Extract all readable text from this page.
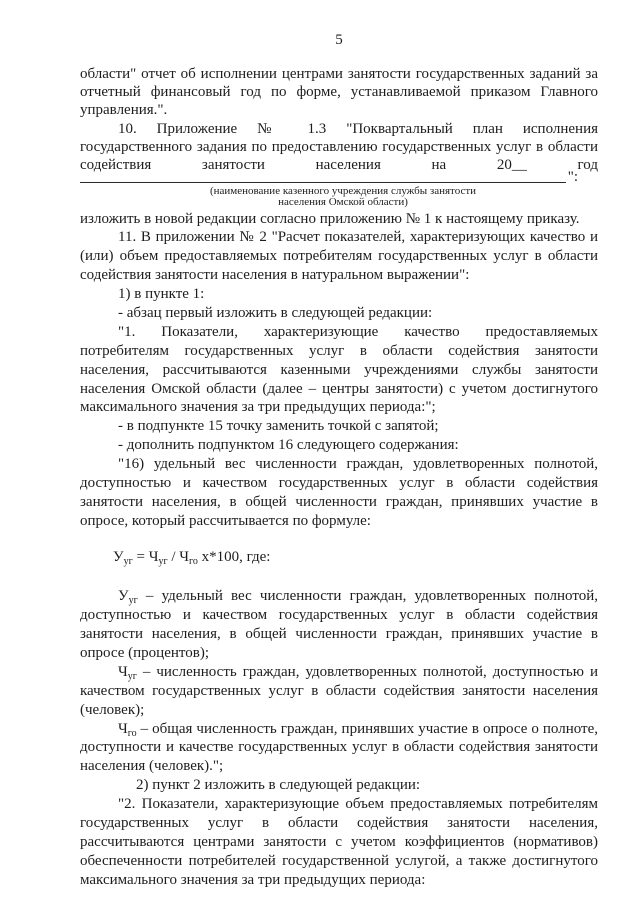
5
области" отчет об исполнении центрами занятости государственных заданий за
отчетный финансовый год по форме, устанавливаемой приказом Главного
управления.".
10. Приложение № 1.3 "Поквартальный план исполнения
государственного задания по предоставлению государственных услуг в области
содействия занятости населения на 20__ год
":
(наименование казенного учреждения службы занятости
населения Омской области)
изложить в новой редакции согласно приложению № 1 к настоящему приказу.
11. В приложении № 2 "Расчет показателей, характеризующих качество и
(или) объем предоставляемых потребителям государственных услуг в области
содействия занятости населения в натуральном выражении":
1) в пункте 1:
- абзац первый изложить в следующей редакции:
"1. Показатели, характеризующие качество предоставляемых
потребителям государственных услуг в области содействия занятости
населения, рассчитываются казенными учреждениями службы занятости
населения Омской области (далее – центры занятости) с учетом достигнутого
максимального значения за три предыдущих периода:";
- в подпункте 15 точку заменить точкой с запятой;
- дополнить подпунктом 16 следующего содержания:
"16) удельный вес численности граждан, удовлетворенных полнотой,
доступностью и качеством государственных услуг в области содействия
занятости населения, в общей численности граждан, принявших участие в
опросе, который рассчитывается по формуле:
$У_{уг} = Ч_{уг} / Ч_{го}$ х*100, где:
$У_{уг}$ – удельный вес численности граждан, удовлетворенных полнотой,
доступностью и качеством государственных услуг в области содействия
занятости населения, в общей численности граждан, принявших участие в
опросе (процентов);
$Ч_{уг}$ – численность граждан, удовлетворенных полнотой, доступностью и
качеством государственных услуг в области содействия занятости населения
(человек);
$Ч_{го}$ – общая численность граждан, принявших участие в опросе о полноте,
доступности и качестве государственных услуг в области содействия занятости
населения (человек).";
2) пункт 2 изложить в следующей редакции:
"2. Показатели, характеризующие объем предоставляемых потребителям
государственных услуг в области содействия занятости населения,
рассчитываются центрами занятости с учетом коэффициентов (нормативов)
обеспеченности потребителей государственной услугой, а также достигнутого
максимального значения за три предыдущих периода:
